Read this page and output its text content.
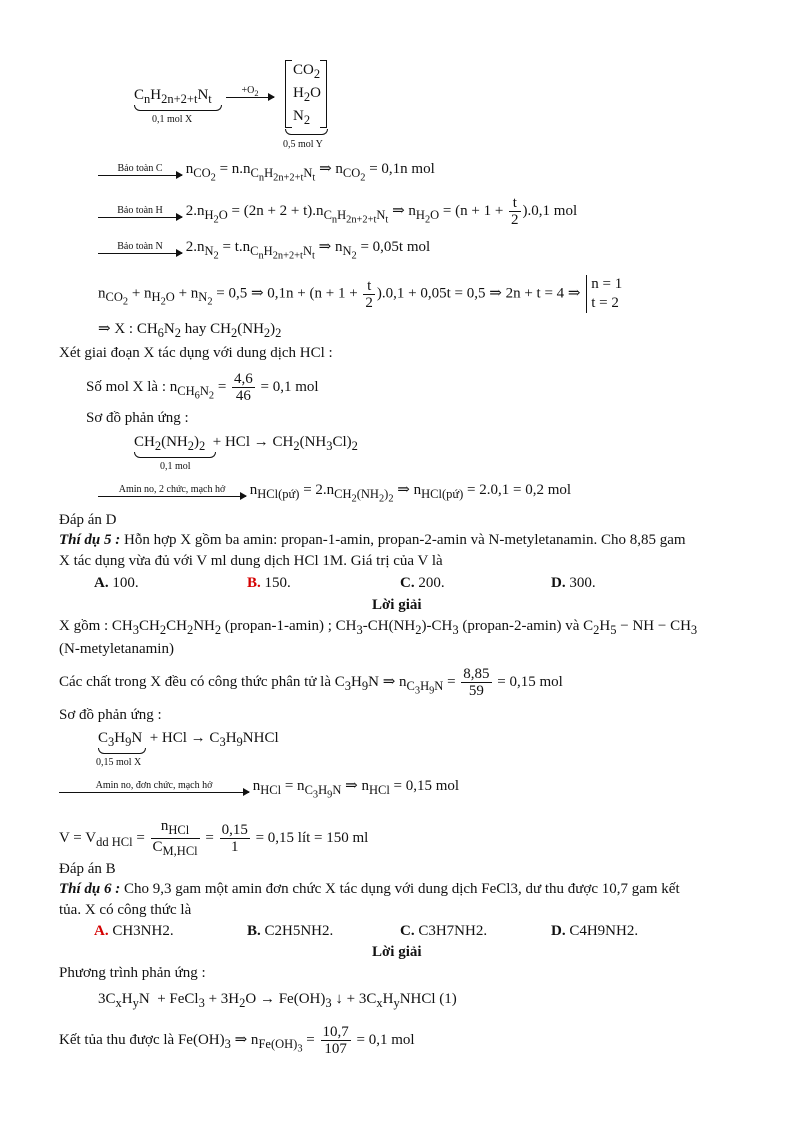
$C_nH_{2n+2+t}N_t$
0,1 mol X
$+O_2$
$CO_2$
$H_2O$
$N_2$
0,5 mol Y
Bảo toàn C	$n_{CO_2} = n.n_{C_nH_{2n+2+t}N_t}$ ⇒ $n_{CO_2} = 0,1n$ mol
Bảo toàn H	$2.n_{H_2O} = (2n + 2 + t).n_{C_nH_{2n+2+t}N_t}$ ⇒ $n_{H_2O} = (n + 1 + \frac{t}{2} ).0,1$ mol
Bảo toàn N	$2.n_{N_2} = t.n_{C_nH_{2n+2+t}N_t}$ ⇒ $n_{N_2} = 0,05t$ mol
$n_{CO_2} + n_{H_2O} + n_{N_2} = 0,5$ ⇒ $0,1n + (n + 1 + \frac{t}{2} ).0,1 + 0,05t = 0,5$ ⇒ 2n + t = 4 ⇒ n = 1
t = 2
⇒ X : $CH_6N_2$ hay $CH_2(NH_2)_2$
Xét giai đoạn X tác dụng với dung dịch HCl :
Số mol X là : $n_{CH_6N_2} = \frac{4,6}{46} = 0,1$ mol
Sơ đồ phản ứng :
$CH_2(NH_2)_2$  + HCl → $CH_2(NH_3Cl)_2$
0,1 mol
Amin no, 2 chức, mạch hở	$n_{HCl(pứ)} = 2.n_{CH_2(NH_2)_2}$ ⇒ $n_{HCl(pứ)} = 2.0,1 = 0,2$ mol
Đáp án D
Thí dụ 5 : Hỗn hợp X gồm ba amin: propan-1-amin, propan-2-amin và N-metyletanamin. Cho 8,85 gam
X tác dụng vừa đủ với V ml dung dịch HCl 1M. Giá trị của V là
A. 100.	B. 150.	C. 200.	D. 300.
Lời giải
X gồm : $CH_3CH_2CH_2NH_2$ (propan-1-amin) ; $CH_3-CH(NH_2)-CH_3$ (propan-2-amin) và $C_2H_5$ − NH − $CH_3$
(N-metyletanamin)
Các chất trong X đều có công thức phân tử là $C_3H_9N$ ⇒ $n_{C_3H_9N} = \frac{8,85}{59} = 0,15$ mol
Sơ đồ phản ứng :
$C_3H_9N$  + HCl → $C_3H_9NHCl$
0,15 mol X
Amin no, đơn chức, mạch hở	$n_{HCl} = n_{C_3H_9N}$ ⇒ $n_{HCl} = 0,15$ mol
$V = V_{dd HCl} = \frac{n_{HCl}}{C_{M,HCl}} = \frac{0,15}{1} = 0,15$ lít = 150 ml
Đáp án B
Thí dụ 6 : Cho 9,3 gam một amin đơn chức X tác dụng với dung dịch FeCl3, dư thu được 10,7 gam kết
tủa. X có công thức là
A. CH3NH2.	B. C2H5NH2.	C. C3H7NH2.	D. C4H9NH2.
Lời giải
Phương trình phản ứng :
$3C_xH_yN$  + FeCl$_3$ + $3H_2O \to Fe(OH)_3$ ↓ + $3C_xH_yNHCl$ (1)
Kết tủa thu được là $Fe(OH)_3$ ⇒ $n_{Fe(OH)_3} = \frac{10,7}{107} = 0,1$ mol
